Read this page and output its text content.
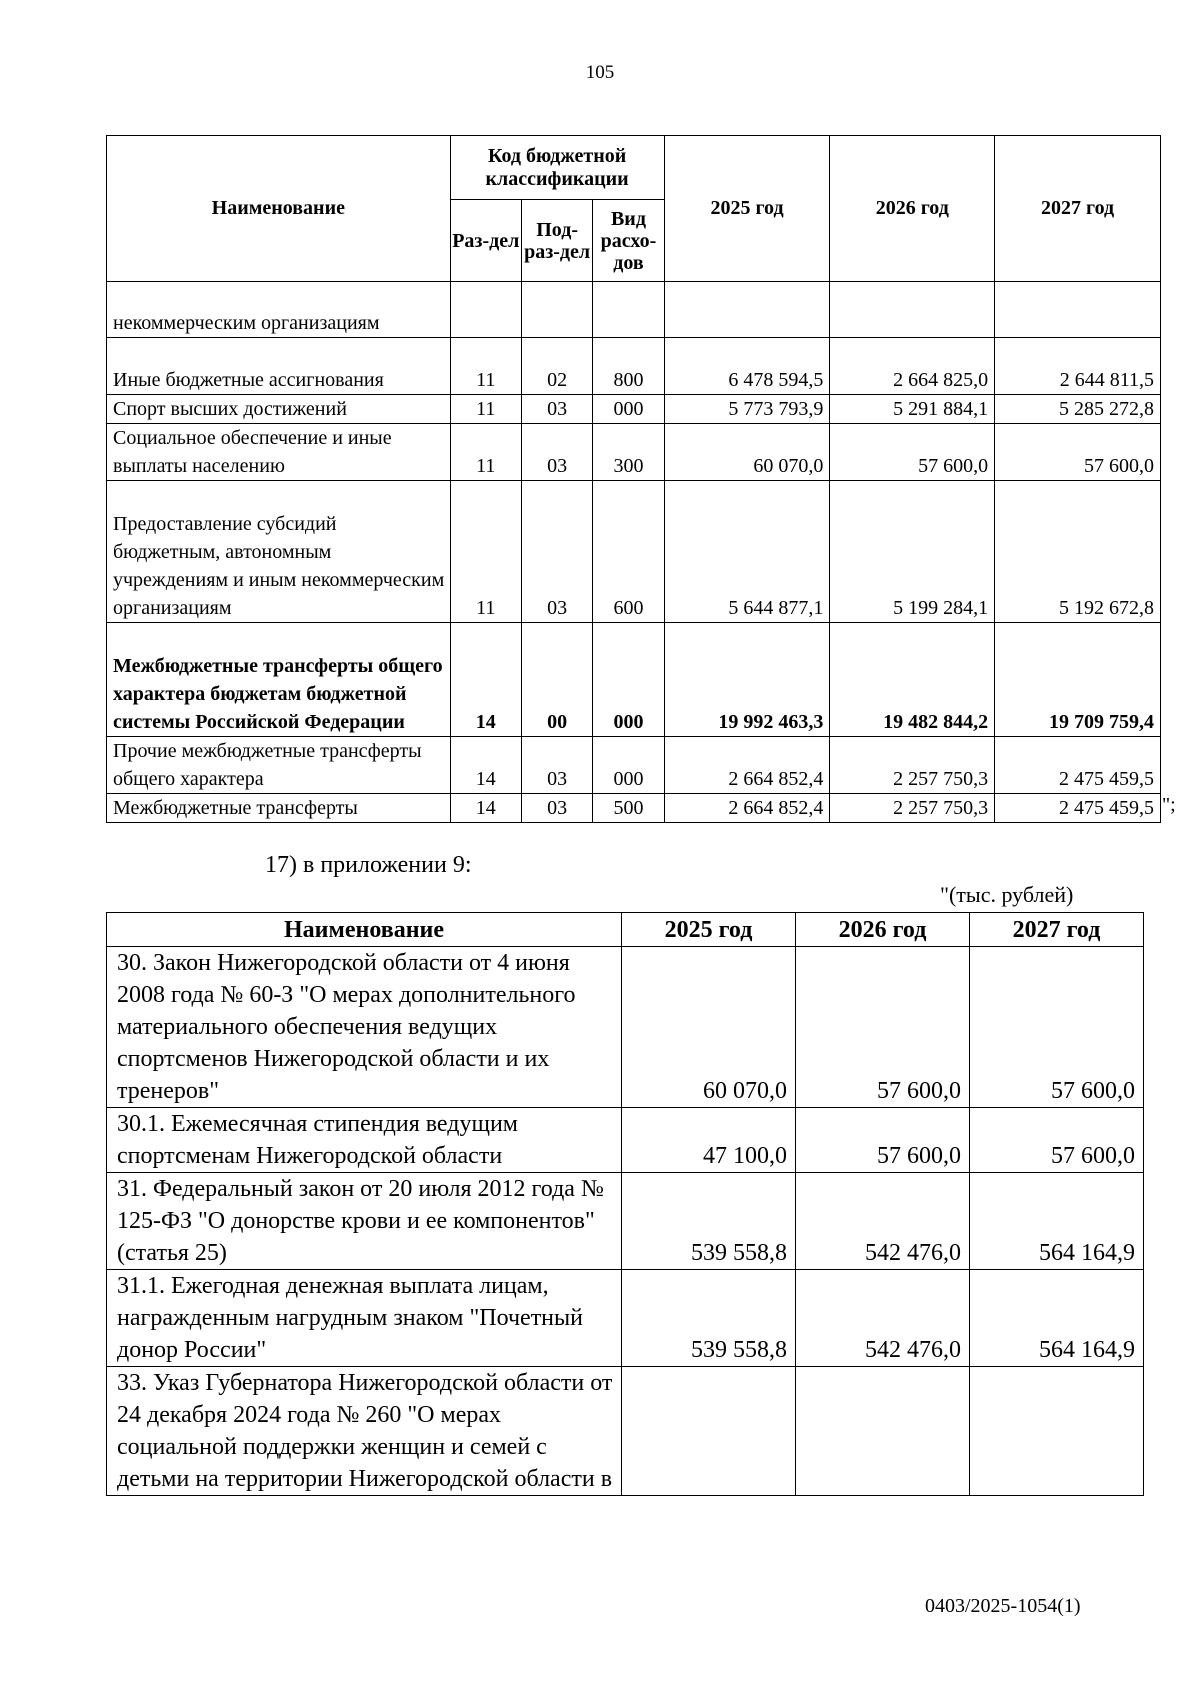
105
Наименование	Код бюджетной классификации			2025 год	2026 год	2027 год
	Раз-дел	Под-раз-дел	Вид расхо-дов			
некоммерческим организациям						
Иные бюджетные ассигнования	11	02	800	6 478 594,5	2 664 825,0	2 644 811,5
Спорт высших достижений	11	03	000	5 773 793,9	5 291 884,1	5 285 272,8
Социальное обеспечение и иные выплаты населению	11	03	300	60 070,0	57 600,0	57 600,0
Предоставление субсидий бюджетным, автономным учреждениям и иным некоммерческим организациям	11	03	600	5 644 877,1	5 199 284,1	5 192 672,8
Межбюджетные трансферты общего характера бюджетам бюджетной системы Российской Федерации	14	00	000	19 992 463,3	19 482 844,2	19 709 759,4
Прочие межбюджетные трансферты общего характера	14	03	000	2 664 852,4	2 257 750,3	2 475 459,5
Межбюджетные трансферты	14	03	500	2 664 852,4	2 257 750,3	2 475 459,5 ";
17) в приложении 9:
"(тыс. рублей)
Наименование	2025 год	2026 год	2027 год
30. Закон Нижегородской области от 4 июня 2008 года № 60-З "О мерах дополнительного материального обеспечения ведущих спортсменов Нижегородской области и их тренеров"	60 070,0	57 600,0	57 600,0
30.1. Ежемесячная стипендия ведущим спортсменам Нижегородской области	47 100,0	57 600,0	57 600,0
31. Федеральный закон от 20 июля 2012 года № 125-ФЗ "О донорстве крови и ее компонентов" (статья 25)	539 558,8	542 476,0	564 164,9
31.1. Ежегодная денежная выплата лицам, награжденным нагрудным знаком "Почетный донор России"	539 558,8	542 476,0	564 164,9
33. Указ Губернатора Нижегородской области от 24 декабря 2024 года № 260 "О мерах социальной поддержки женщин и семей с детьми на территории Нижегородской области в			
0403/2025-1054(1)
